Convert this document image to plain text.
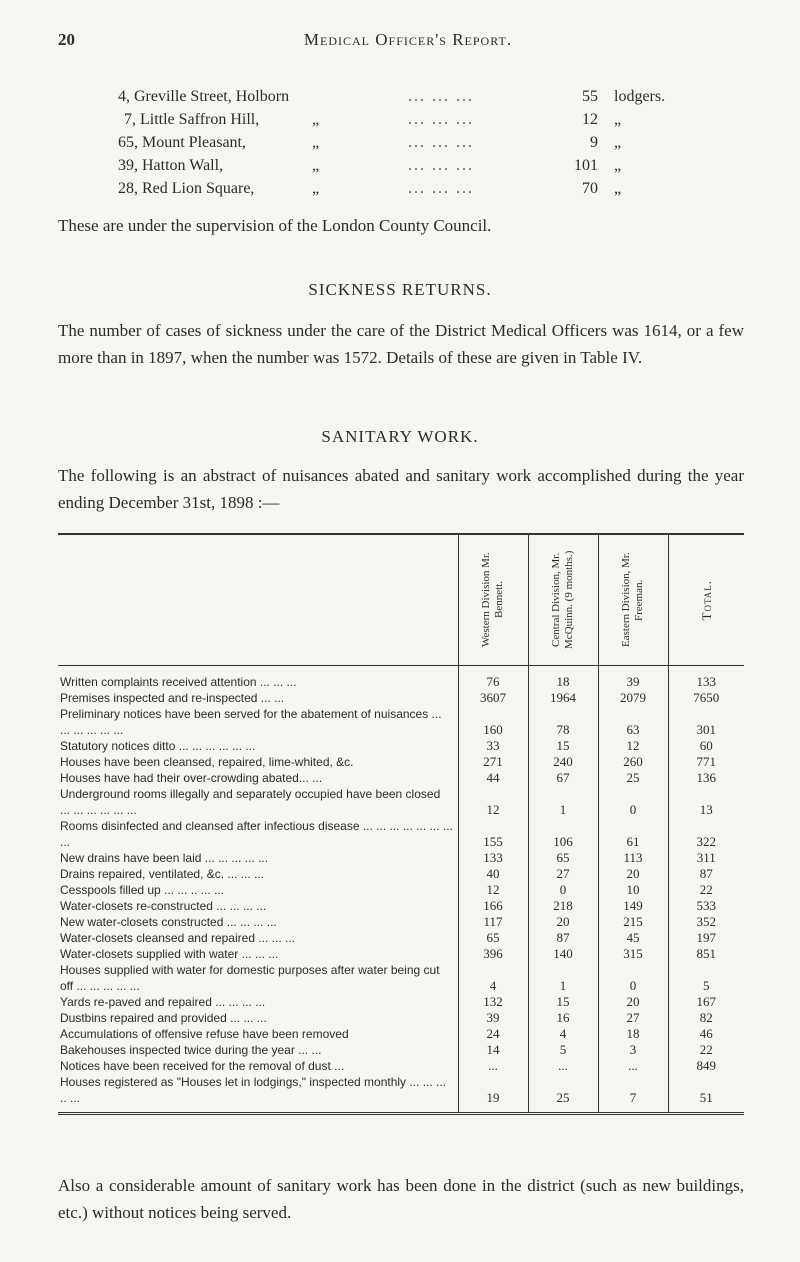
20	Medical Officer's Report.
4, Greville Street, Holborn	... ... ...	55 lodgers.
7, Little Saffron Hill,	„	... ... ...	12 „
65, Mount Pleasant,	„	... ... ...	9 „
39, Hatton Wall,	„	... ... ...	101 „
28, Red Lion Square,	„	... ... ...	70 „

These are under the supervision of the London County Council.

SICKNESS RETURNS.

The number of cases of sickness under the care of the District Medical Officers was 1614, or a few more than in 1897, when the number was 1572. Details of these are given in Table IV.

SANITARY WORK.

The following is an abstract of nuisances abated and sanitary work accomplished during the year ending December 31st, 1898 :—

	Western Division Mr. Bennett.	Central Division, Mr. McQuinn. (9 months.)	Eastern Division, Mr. Freeman.	Total.

Written complaints received attention ... ... ...	76	18	39	133
Premises inspected and re-inspected ... ...	3607	1964	2079	7650
Preliminary notices have been served for the abatement of nuisances ... ... ... ... ... ...	160	78	63	301
Statutory notices ditto ... ... ... ... ... ...	33	15	12	60
Houses have been cleansed, repaired, lime-whited, &c.	271	240	260	771
Houses have had their over-crowding abated... ...	44	67	25	136
Underground rooms illegally and separately occupied have been closed ... ... ... ... ... ...	12	1	0	13
Rooms disinfected and cleansed after infectious disease ... ... ... ... ... ... ... ...	155	106	61	322
New drains have been laid ... ... ... ... ...	133	65	113	311
Drains repaired, ventilated, &c. ... ... ...	40	27	20	87
Cesspools filled up ... ... .. ... ...	12	0	10	22
Water-closets re-constructed ... ... ... ...	166	218	149	533
New water-closets constructed ... ... ... ...	117	20	215	352
Water-closets cleansed and repaired ... ... ...	65	87	45	197
Water-closets supplied with water ... ... ...	396	140	315	851
Houses supplied with water for domestic purposes after water being cut off ... ... ... ... ...	4	1	0	5
Yards re-paved and repaired ... ... ... ...	132	15	20	167
Dustbins repaired and provided ... ... ...	39	16	27	82
Accumulations of offensive refuse have been removed	24	4	18	46
Bakehouses inspected twice during the year ... ...	14	5	3	22
Notices have been received for the removal of dust ...	...	...	...	849
Houses registered as "Houses let in lodgings," inspected monthly ... ... ... .. ...	19	25	7	51

Also a considerable amount of sanitary work has been done in the district (such as new buildings, etc.) without notices being served.
